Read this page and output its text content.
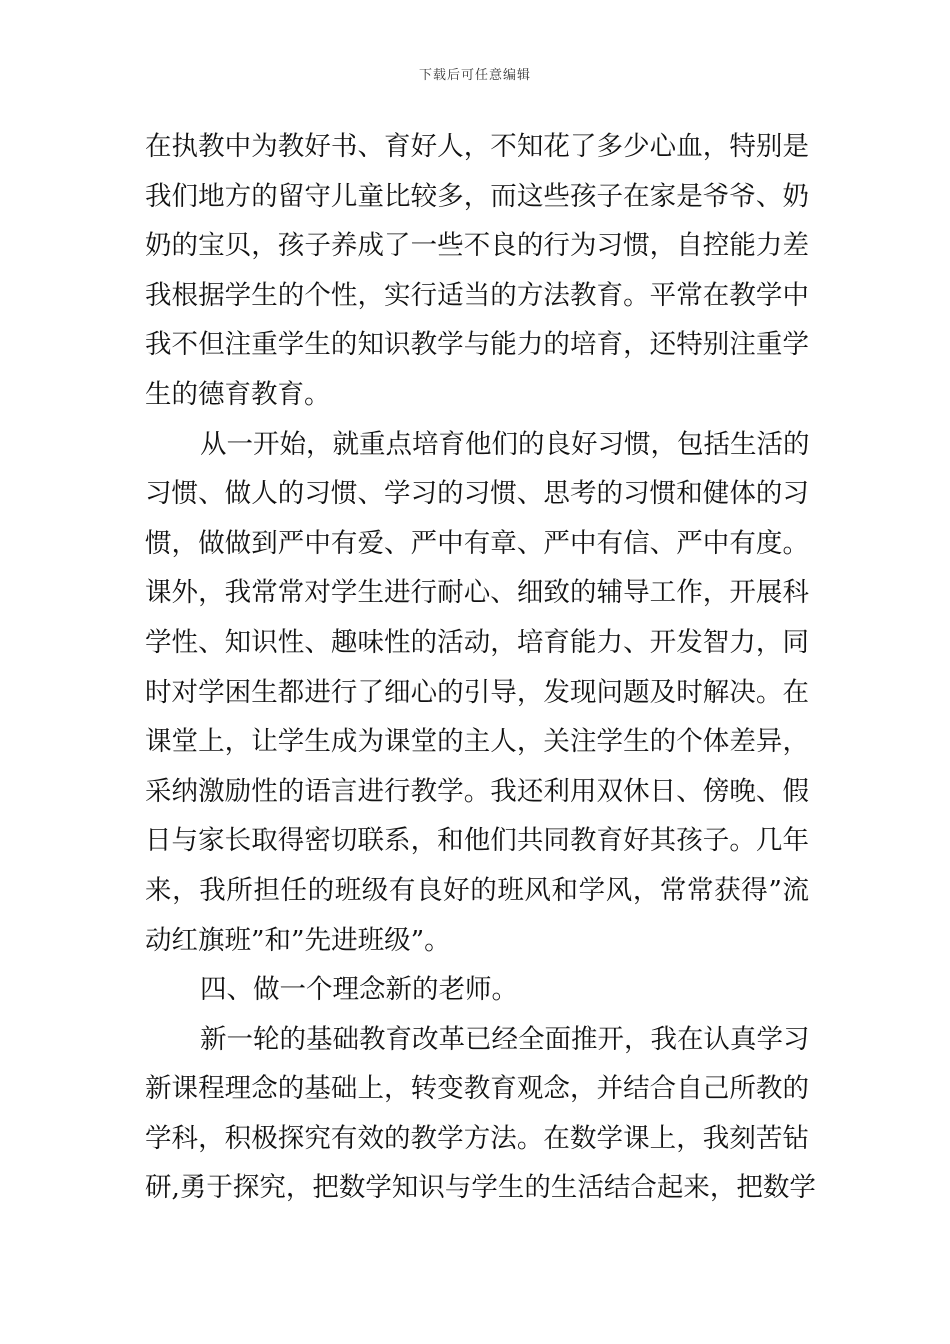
下载后可任意编辑
在执教中为教好书、育好人，不知花了多少心血，特别是
我们地方的留守儿童比较多，而这些孩子在家是爷爷、奶
奶的宝贝，孩子养成了一些不良的行为习惯，自控能力差
我根据学生的个性，实行适当的方法教育。平常在教学中
我不但注重学生的知识教学与能力的培育，还特别注重学
生的德育教育。
从一开始，就重点培育他们的良好习惯，包括生活的
习惯、做人的习惯、学习的习惯、思考的习惯和健体的习
惯，做做到严中有爱、严中有章、严中有信、严中有度。
课外，我常常对学生进行耐心、细致的辅导工作，开展科
学性、知识性、趣味性的活动，培育能力、开发智力，同
时对学困生都进行了细心的引导，发现问题及时解决。在
课堂上，让学生成为课堂的主人，关注学生的个体差异，
采纳激励性的语言进行教学。我还利用双休日、傍晚、假
日与家长取得密切联系，和他们共同教育好其孩子。几年
来，我所担任的班级有良好的班风和学风，常常获得”流
动红旗班”和”先进班级”。
四、做一个理念新的老师。
新一轮的基础教育改革已经全面推开，我在认真学习
新课程理念的基础上，转变教育观念，并结合自己所教的
学科，积极探究有效的教学方法。在数学课上，我刻苦钻
研,勇于探究，把数学知识与学生的生活结合起来，把数学
